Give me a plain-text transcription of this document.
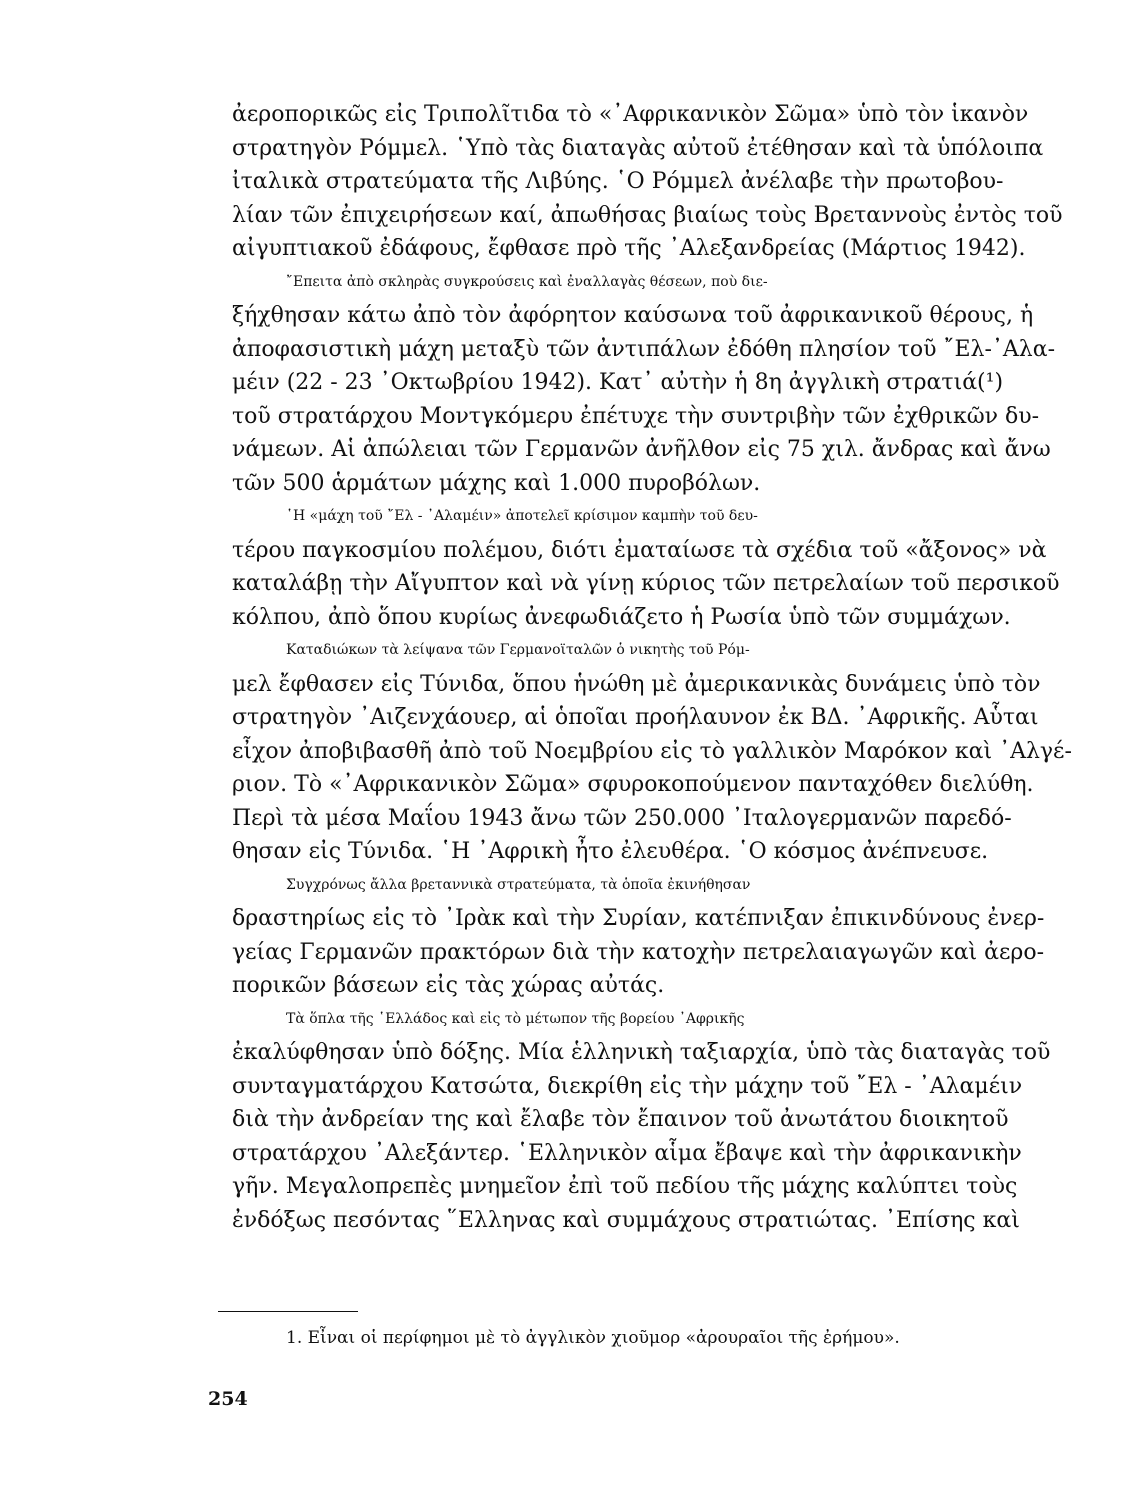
ἀεροπορικῶς εἰς Τριπολῖτιδα τὸ «᾿Αφρικανικὸν Σῶμα» ὑπὸ τὸν ἱκανὸν
στρατηγὸν Ρόμμελ. ῾Υπὸ τὰς διαταγὰς αὐτοῦ ἐτέθησαν καὶ τὰ ὑπόλοιπα
ἰταλικὰ στρατεύματα τῆς Λιβύης. ῾Ο Ρόμμελ ἀνέλαβε τὴν πρωτοβου-
λίαν τῶν ἐπιχειρήσεων καί, ἀπωθήσας βιαίως τοὺς Βρεταννοὺς ἐντὸς τοῦ
αἰγυπτιακοῦ ἐδάφους, ἔφθασε πρὸ τῆς ᾿Αλεξανδρείας (Μάρτιος 1942).
῎Επειτα ἀπὸ σκληρὰς συγκρούσεις καὶ ἐναλλαγὰς θέσεων, ποὺ διε-
ξήχθησαν κάτω ἀπὸ τὸν ἀφόρητον καύσωνα τοῦ ἀφρικανικοῦ θέρους, ἡ
ἀποφασιστικὴ μάχη μεταξὺ τῶν ἀντιπάλων ἐδόθη πλησίον τοῦ ῎Ελ-᾿Αλα-
μέιν (22 - 23 ᾿Οκτωβρίου 1942). Κατ᾿ αὐτὴν ἡ 8η ἀγγλικὴ στρατιά(¹)
τοῦ στρατάρχου Μοντγκόμερυ ἐπέτυχε τὴν συντριβὴν τῶν ἐχθρικῶν δυ-
νάμεων. Αἱ ἀπώλειαι τῶν Γερμανῶν ἀνῆλθον εἰς 75 χιλ. ἄνδρας καὶ ἄνω
τῶν 500 ἁρμάτων μάχης καὶ 1.000 πυροβόλων.
῾Η «μάχη τοῦ ῎Ελ - ᾿Αλαμέιν» ἀποτελεῖ κρίσιμον καμπὴν τοῦ δευ-
τέρου παγκοσμίου πολέμου, διότι ἐματαίωσε τὰ σχέδια τοῦ «ἄξονος» νὰ
καταλάβῃ τὴν Αἴγυπτον καὶ νὰ γίνῃ κύριος τῶν πετρελαίων τοῦ περσικοῦ
κόλπου, ἀπὸ ὅπου κυρίως ἀνεφωδιάζετο ἡ Ρωσία ὑπὸ τῶν συμμάχων.
Καταδιώκων τὰ λείψανα τῶν Γερμανοϊταλῶν ὁ νικητὴς τοῦ Ρόμ-
μελ ἔφθασεν εἰς Τύνιδα, ὅπου ἡνώθη μὲ ἀμερικανικὰς δυνάμεις ὑπὸ τὸν
στρατηγὸν ᾿Αιζενχάουερ, αἱ ὁποῖαι προήλαυνον ἐκ ΒΔ. ᾿Αφρικῆς. Αὗται
εἶχον ἀποβιβασθῆ ἀπὸ τοῦ Νοεμβρίου εἰς τὸ γαλλικὸν Μαρόκον καὶ ᾿Αλγέ-
ριον. Τὸ «᾿Αφρικανικὸν Σῶμα» σφυροκοπούμενον πανταχόθεν διελύθη.
Περὶ τὰ μέσα Μαΐου 1943 ἄνω τῶν 250.000 ᾿Ιταλογερμανῶν παρεδό-
θησαν εἰς Τύνιδα. ῾Η ᾿Αφρικὴ ἦτο ἐλευθέρα. ῾Ο κόσμος ἀνέπνευσε.
Συγχρόνως ἄλλα βρεταννικὰ στρατεύματα, τὰ ὁποῖα ἐκινήθησαν
δραστηρίως εἰς τὸ ᾿Ιρὰκ καὶ τὴν Συρίαν, κατέπνιξαν ἐπικινδύνους ἐνερ-
γείας Γερμανῶν πρακτόρων διὰ τὴν κατοχὴν πετρελαιαγωγῶν καὶ ἀερο-
πορικῶν βάσεων εἰς τὰς χώρας αὐτάς.
Τὰ ὅπλα τῆς ῾Ελλάδος καὶ εἰς τὸ μέτωπον τῆς βορείου ᾿Αφρικῆς
ἐκαλύφθησαν ὑπὸ δόξης. Μία ἑλληνικὴ ταξιαρχία, ὑπὸ τὰς διαταγὰς τοῦ
συνταγματάρχου Κατσώτα, διεκρίθη εἰς τὴν μάχην τοῦ ῎Ελ - ᾿Αλαμέιν
διὰ τὴν ἀνδρείαν της καὶ ἔλαβε τὸν ἔπαινον τοῦ ἀνωτάτου διοικητοῦ
στρατάρχου ᾿Αλεξάντερ. ῾Ελληνικὸν αἷμα ἔβαψε καὶ τὴν ἀφρικανικὴν
γῆν. Μεγαλοπρεπὲς μνημεῖον ἐπὶ τοῦ πεδίου τῆς μάχης καλύπτει τοὺς
ἐνδόξως πεσόντας ῞Ελληνας καὶ συμμάχους στρατιώτας. ᾿Επίσης καὶ
1. Εἶναι οἱ περίφημοι μὲ τὸ ἀγγλικὸν χιοῦμορ «ἀρουραῖοι τῆς ἐρήμου».
254
